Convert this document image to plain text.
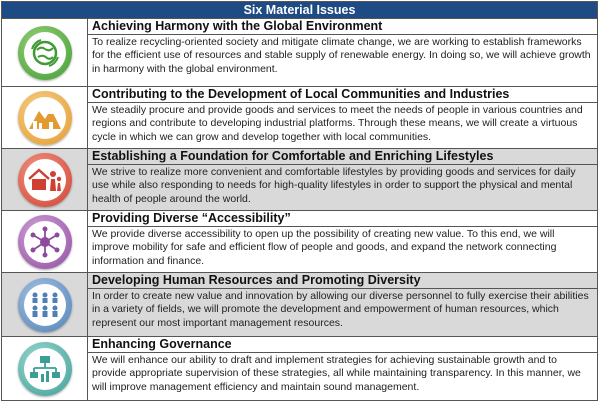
Six Material Issues
Achieving Harmony with the Global Environment
To realize recycling-oriented society and mitigate climate change, we are working to establish frameworks for the efficient use of resources and stable supply of renewable energy. In doing so, we will achieve growth in harmony with the global environment.
Contributing to the Development of Local Communities and Industries
We steadily procure and provide goods and services to meet the needs of people in various countries and regions and contribute to developing industrial platforms. Through these means, we will create a virtuous cycle in which we can grow and develop together with local communities.
Establishing a Foundation for Comfortable and Enriching Lifestyles
We strive to realize more convenient and comfortable lifestyles by providing goods and services for daily use while also responding to needs for high-quality lifestyles in order to support the physical and mental health of people around the world.
Providing Diverse “Accessibility”
We provide diverse accessibility to open up the possibility of creating new value. To this end, we will improve mobility for safe and efficient flow of people and goods, and expand the network connecting information and finance.
Developing Human Resources and Promoting Diversity
In order to create new value and innovation by allowing our diverse personnel to fully exercise their abilities in a variety of fields, we will promote the development and empowerment of human resources, which represent our most important management resources.
Enhancing Governance
We will enhance our ability to draft and implement strategies for achieving sustainable growth and to provide appropriate supervision of these strategies, all while maintaining transparency. In this manner, we will improve management efficiency and maintain sound management.
